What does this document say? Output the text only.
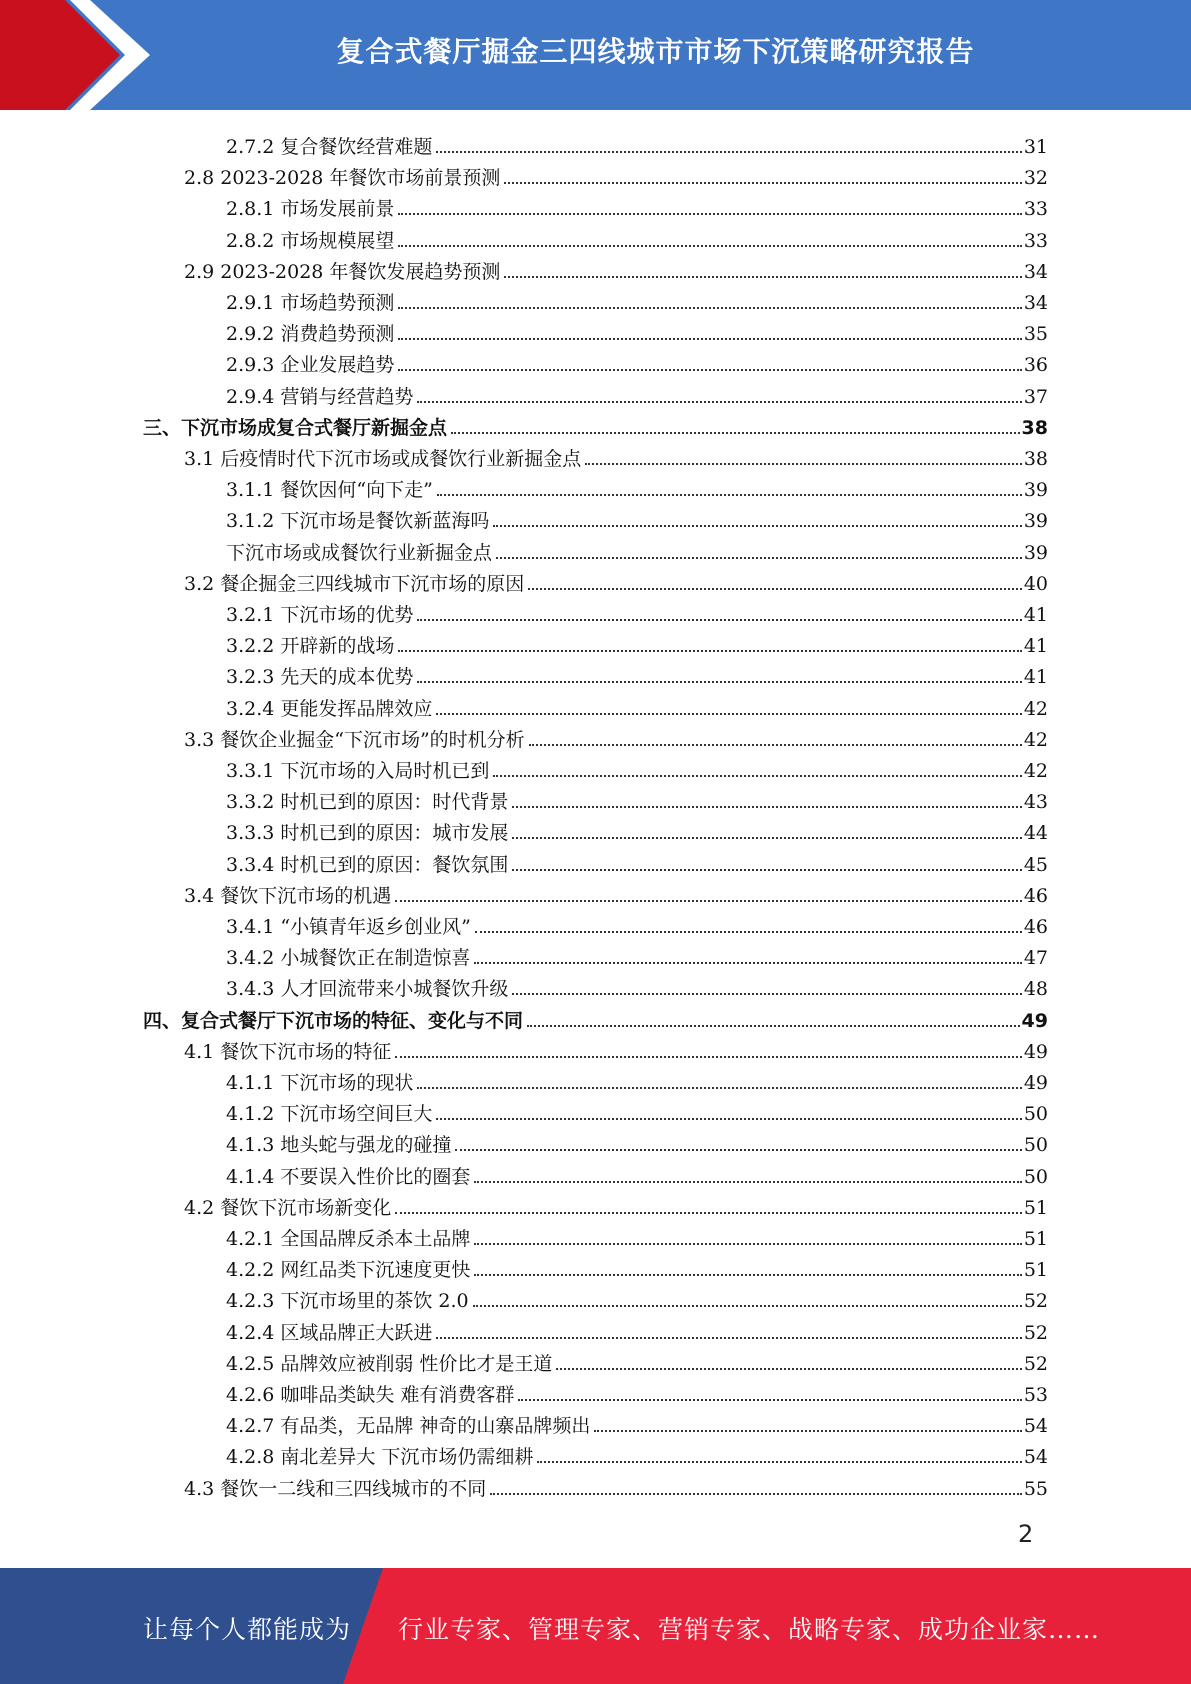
复合式餐厅掘金三四线城市市场下沉策略研究报告
2.7.2 复合餐饮经营难题	31
2.8 2023-2028 年餐饮市场前景预测	32
2.8.1 市场发展前景	33
2.8.2 市场规模展望	33
2.9 2023-2028 年餐饮发展趋势预测	34
2.9.1 市场趋势预测	34
2.9.2 消费趋势预测	35
2.9.3 企业发展趋势	36
2.9.4 营销与经营趋势	37
三、下沉市场成复合式餐厅新掘金点	38
3.1 后疫情时代下沉市场或成餐饮行业新掘金点	38
3.1.1 餐饮因何“向下走”	39
3.1.2 下沉市场是餐饮新蓝海吗	39
下沉市场或成餐饮行业新掘金点	39
3.2 餐企掘金三四线城市下沉市场的原因	40
3.2.1 下沉市场的优势	41
3.2.2 开辟新的战场	41
3.2.3 先天的成本优势	41
3.2.4 更能发挥品牌效应	42
3.3 餐饮企业掘金“下沉市场”的时机分析	42
3.3.1 下沉市场的入局时机已到	42
3.3.2 时机已到的原因：时代背景	43
3.3.3 时机已到的原因：城市发展	44
3.3.4 时机已到的原因：餐饮氛围	45
3.4 餐饮下沉市场的机遇	46
3.4.1 “小镇青年返乡创业风”	46
3.4.2 小城餐饮正在制造惊喜	47
3.4.3 人才回流带来小城餐饮升级	48
四、复合式餐厅下沉市场的特征、变化与不同	49
4.1 餐饮下沉市场的特征	49
4.1.1 下沉市场的现状	49
4.1.2 下沉市场空间巨大	50
4.1.3 地头蛇与强龙的碰撞	50
4.1.4 不要误入性价比的圈套	50
4.2 餐饮下沉市场新变化	51
4.2.1 全国品牌反杀本土品牌	51
4.2.2 网红品类下沉速度更快	51
4.2.3 下沉市场里的茶饮 2.0	52
4.2.4 区域品牌正大跃进	52
4.2.5 品牌效应被削弱 性价比才是王道	52
4.2.6 咖啡品类缺失 难有消费客群	53
4.2.7 有品类，无品牌 神奇的山寨品牌频出	54
4.2.8 南北差异大 下沉市场仍需细耕	54
4.3 餐饮一二线和三四线城市的不同	55
2
让每个人都能成为 行业专家、管理专家、营销专家、战略专家、成功企业家……
